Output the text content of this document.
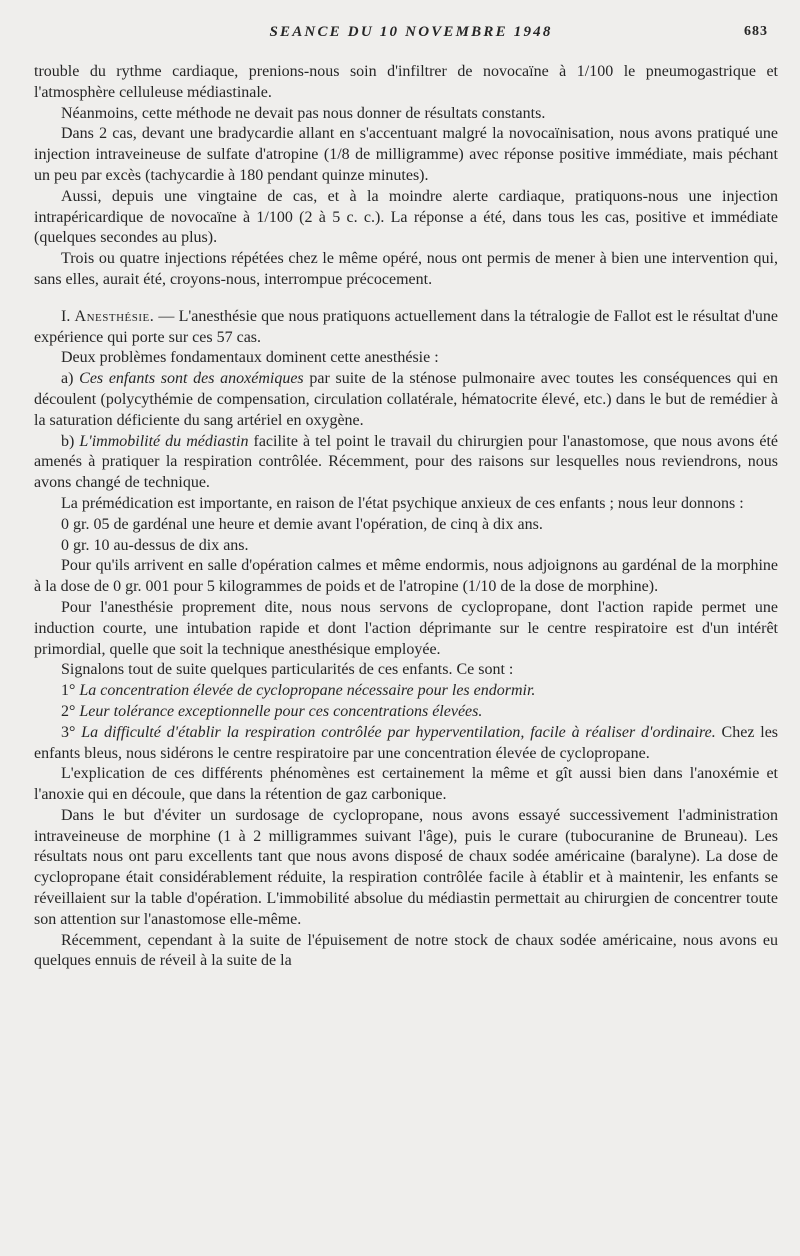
SEANCE DU 10 NOVEMBRE 1948	683

trouble du rythme cardiaque, prenions-nous soin d'infiltrer de novocaïne à 1/100 le pneumogastrique et l'atmosphère celluleuse médiastinale.

Néanmoins, cette méthode ne devait pas nous donner de résultats constants.

Dans 2 cas, devant une bradycardie allant en s'accentuant malgré la novocaïnisation, nous avons pratiqué une injection intraveineuse de sulfate d'atropine (1/8 de milligramme) avec réponse positive immédiate, mais péchant un peu par excès (tachycardie à 180 pendant quinze minutes).

Aussi, depuis une vingtaine de cas, et à la moindre alerte cardiaque, pratiquons-nous une injection intrapéricardique de novocaïne à 1/100 (2 à 5 c. c.). La réponse a été, dans tous les cas, positive et immédiate (quelques secondes au plus).

Trois ou quatre injections répétées chez le même opéré, nous ont permis de mener à bien une intervention qui, sans elles, aurait été, croyons-nous, interrompue précocement.

I. Anesthésie. — L'anesthésie que nous pratiquons actuellement dans la tétralogie de Fallot est le résultat d'une expérience qui porte sur ces 57 cas.

Deux problèmes fondamentaux dominent cette anesthésie :

a) Ces enfants sont des anoxémiques par suite de la sténose pulmonaire avec toutes les conséquences qui en découlent (polycythémie de compensation, circulation collatérale, hématocrite élevé, etc.) dans le but de remédier à la saturation déficiente du sang artériel en oxygène.

b) L'immobilité du médiastin facilite à tel point le travail du chirurgien pour l'anastomose, que nous avons été amenés à pratiquer la respiration contrôlée. Récemment, pour des raisons sur lesquelles nous reviendrons, nous avons changé de technique.

La prémédication est importante, en raison de l'état psychique anxieux de ces enfants ; nous leur donnons :

0 gr. 05 de gardénal une heure et demie avant l'opération, de cinq à dix ans.

0 gr. 10 au-dessus de dix ans.

Pour qu'ils arrivent en salle d'opération calmes et même endormis, nous adjoignons au gardénal de la morphine à la dose de 0 gr. 001 pour 5 kilogrammes de poids et de l'atropine (1/10 de la dose de morphine).

Pour l'anesthésie proprement dite, nous nous servons de cyclopropane, dont l'action rapide permet une induction courte, une intubation rapide et dont l'action déprimante sur le centre respiratoire est d'un intérêt primordial, quelle que soit la technique anesthésique employée.

Signalons tout de suite quelques particularités de ces enfants. Ce sont :

1° La concentration élevée de cyclopropane nécessaire pour les endormir.

2° Leur tolérance exceptionnelle pour ces concentrations élevées.

3° La difficulté d'établir la respiration contrôlée par hyperventilation, facile à réaliser d'ordinaire. Chez les enfants bleus, nous sidérons le centre respiratoire par une concentration élevée de cyclopropane.

L'explication de ces différents phénomènes est certainement la même et gît aussi bien dans l'anoxémie et l'anoxie qui en découle, que dans la rétention de gaz carbonique.

Dans le but d'éviter un surdosage de cyclopropane, nous avons essayé successivement l'administration intraveineuse de morphine (1 à 2 milligrammes suivant l'âge), puis le curare (tubocuranine de Bruneau). Les résultats nous ont paru excellents tant que nous avons disposé de chaux sodée américaine (baralyne). La dose de cyclopropane était considérablement réduite, la respiration contrôlée facile à établir et à maintenir, les enfants se réveillaient sur la table d'opération. L'immobilité absolue du médiastin permettait au chirurgien de concentrer toute son attention sur l'anastomose elle-même.

Récemment, cependant à la suite de l'épuisement de notre stock de chaux sodée américaine, nous avons eu quelques ennuis de réveil à la suite de la
